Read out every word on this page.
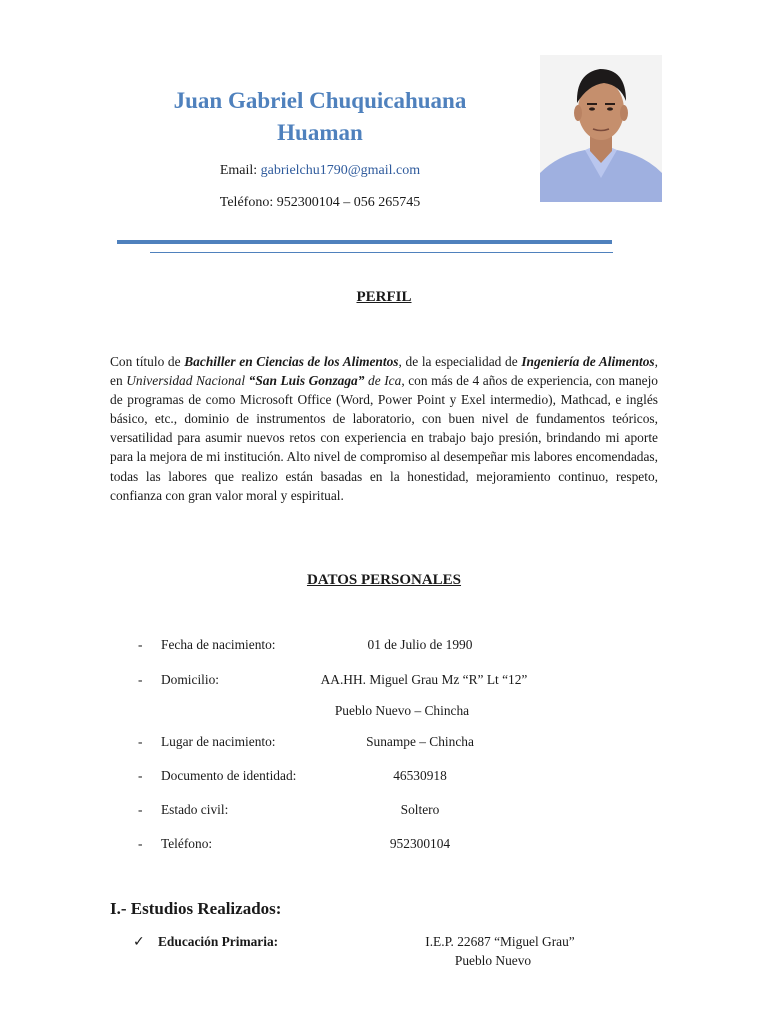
Juan Gabriel Chuquicahuana
Huaman
Email: gabrielchu1790@gmail.com
Teléfono: 952300104 – 056 265745
PERFIL
Con título de Bachiller en Ciencias de los Alimentos, de la especialidad de Ingeniería de Alimentos, en Universidad Nacional “San Luis Gonzaga” de Ica, con más de 4 años de experiencia, con manejo de programas de como Microsoft Office (Word, Power Point y Exel intermedio), Mathcad, e inglés básico, etc., dominio de instrumentos de laboratorio, con buen nivel de fundamentos teóricos, versatilidad para asumir nuevos retos con experiencia en trabajo bajo presión, brindando mi aporte para la mejora de mi institución. Alto nivel de compromiso al desempeñar mis labores encomendadas, todas las labores que realizo están basadas en la honestidad, mejoramiento continuo, respeto, confianza con gran valor moral y espiritual.
DATOS PERSONALES
- Fecha de nacimiento:	01 de Julio de 1990
- Domicilio:	AA.HH. Miguel Grau Mz “R” Lt “12”
Pueblo Nuevo – Chincha
- Lugar de nacimiento:	Sunampe – Chincha
- Documento de identidad:	46530918
- Estado civil:	Soltero
- Teléfono:	952300104
I.- Estudios Realizados:
✓ Educación Primaria:	I.E.P. 22687 “Miguel Grau”
Pueblo Nuevo
